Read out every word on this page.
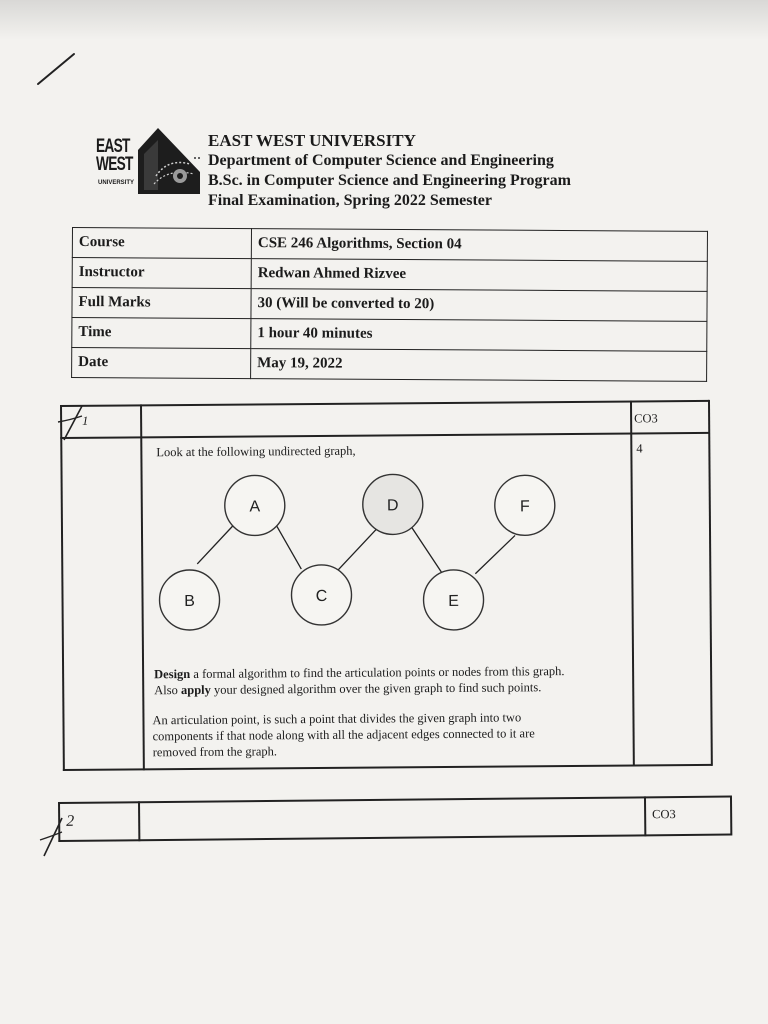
EAST
WEST
UNIVERSITY
EAST WEST UNIVERSITY
Department of Computer Science and Engineering
B.Sc. in Computer Science and Engineering Program
Final Examination, Spring 2022 Semester
Course	CSE 246 Algorithms, Section 04
Instructor	Redwan Ahmed Rizvee
Full Marks	30 (Will be converted to 20)
Time	1 hour 40 minutes
Date	May 19, 2022
1	CO3
4
Look at the following undirected graph,
A
B	C
D
E
F
Design a formal algorithm to find the articulation points or nodes from this graph.
Also apply your designed algorithm over the given graph to find such points.
An articulation point, is such a point that divides the given graph into two
components if that node along with all the adjacent edges connected to it are
removed from the graph.
2	CO3
